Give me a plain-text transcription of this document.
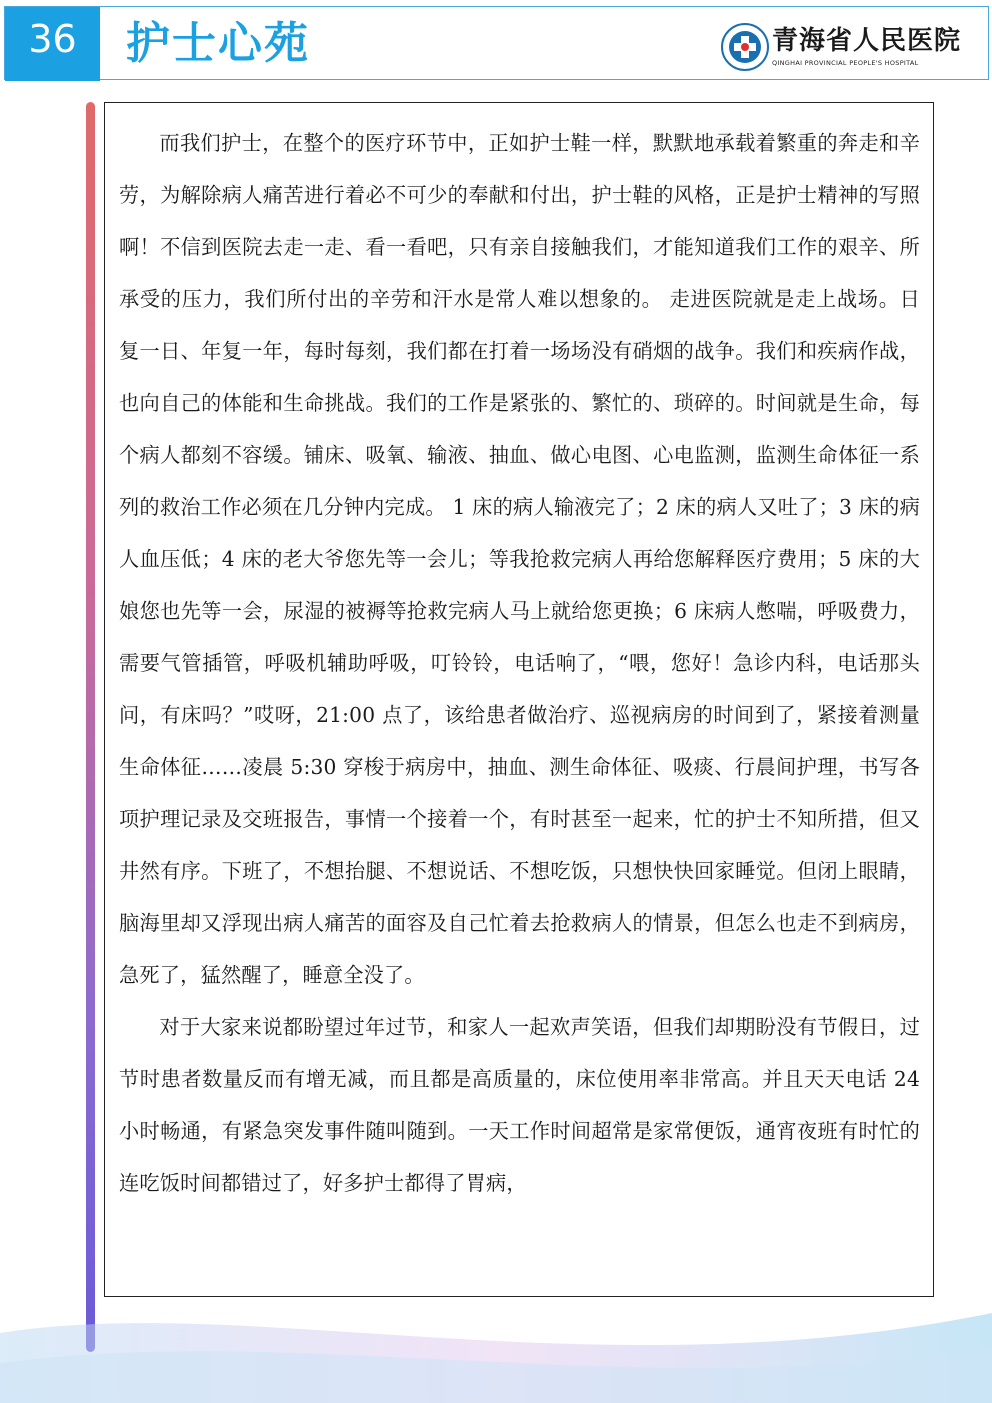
36	护士心苑	青海省人民医院
QINGHAI PROVINCIAL PEOPLE'S HOSPITAL

而我们护士，在整个的医疗环节中，正如护士鞋一样，默默地承载着繁重的奔走和辛劳，为解除病人痛苦进行着必不可少的奉献和付出，护士鞋的风格，正是护士精神的写照啊！不信到医院去走一走、看一看吧，只有亲自接触我们，才能知道我们工作的艰辛、所承受的压力，我们所付出的辛劳和汗水是常人难以想象的。 走进医院就是走上战场。日复一日、年复一年，每时每刻，我们都在打着一场场没有硝烟的战争。我们和疾病作战，也向自己的体能和生命挑战。我们的工作是紧张的、繁忙的、琐碎的。时间就是生命，每个病人都刻不容缓。铺床、吸氧、输液、抽血、做心电图、心电监测，监测生命体征一系列的救治工作必须在几分钟内完成。 1 床的病人输液完了；2 床的病人又吐了；3 床的病人血压低；4 床的老大爷您先等一会儿；等我抢救完病人再给您解释医疗费用；5 床的大娘您也先等一会，尿湿的被褥等抢救完病人马上就给您更换；6 床病人憋喘，呼吸费力，需要气管插管，呼吸机辅助呼吸，叮铃铃，电话响了，“喂，您好！急诊内科，电话那头问，有床吗？”哎呀，21:00 点了，该给患者做治疗、巡视病房的时间到了，紧接着测量生命体征……凌晨 5:30 穿梭于病房中，抽血、测生命体征、吸痰、行晨间护理，书写各项护理记录及交班报告，事情一个接着一个，有时甚至一起来，忙的护士不知所措，但又井然有序。下班了，不想抬腿、不想说话、不想吃饭，只想快快回家睡觉。但闭上眼睛，脑海里却又浮现出病人痛苦的面容及自己忙着去抢救病人的情景，但怎么也走不到病房，急死了，猛然醒了，睡意全没了。

对于大家来说都盼望过年过节，和家人一起欢声笑语，但我们却期盼没有节假日，过节时患者数量反而有增无减，而且都是高质量的，床位使用率非常高。并且天天电话 24 小时畅通，有紧急突发事件随叫随到。一天工作时间超常是家常便饭，通宵夜班有时忙的连吃饭时间都错过了，好多护士都得了胃病，
